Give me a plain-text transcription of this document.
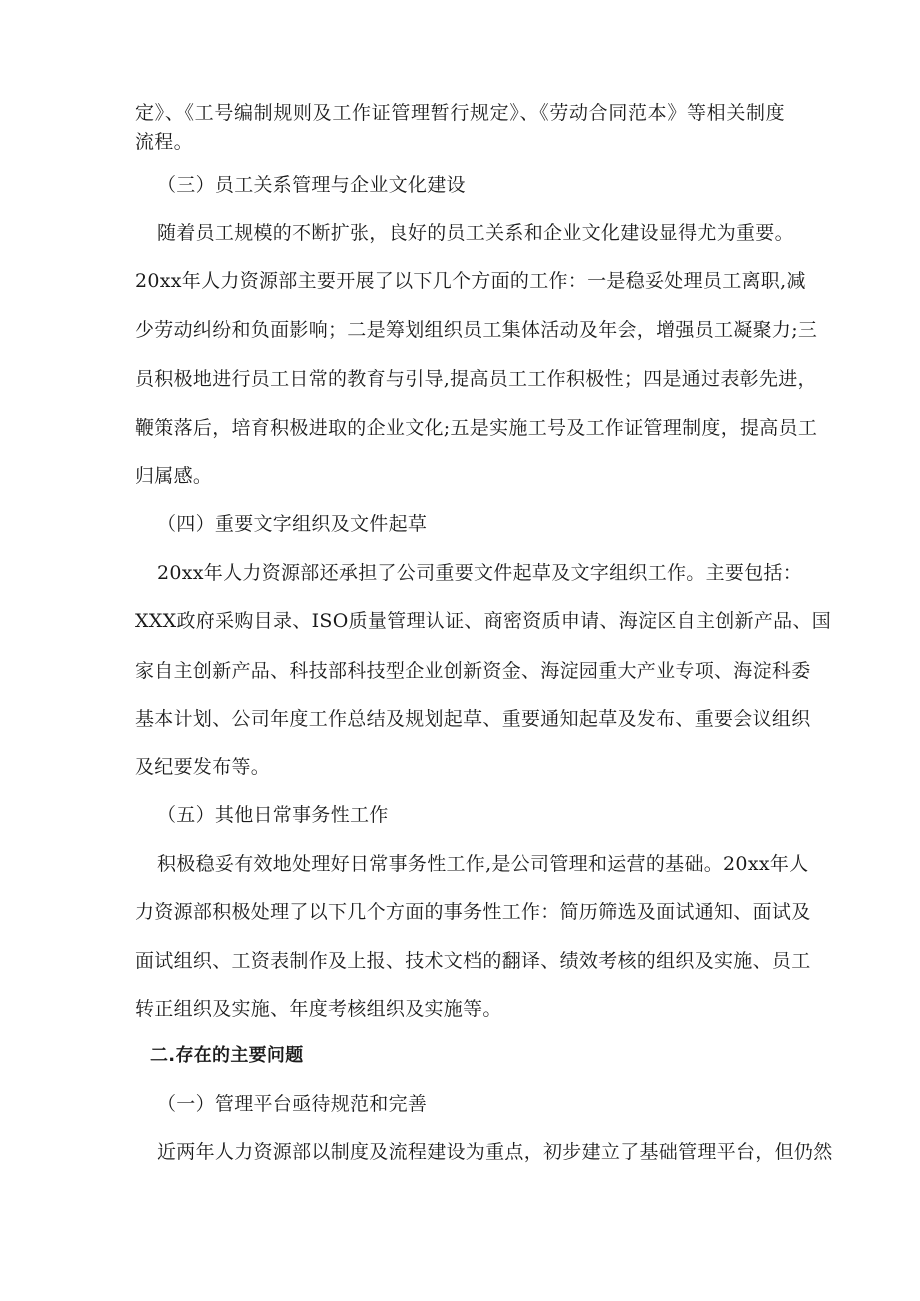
定》、《工号编制规则及工作证管理暂行规定》、《劳动合同范本》等相关制度

流程。

（三）员工关系管理与企业文化建设

随着员工规模的不断扩张，良好的员工关系和企业文化建设显得尤为重要。

20xx年人力资源部主要开展了以下几个方面的工作：一是稳妥处理员工离职,减

少劳动纠纷和负面影响；二是筹划组织员工集体活动及年会，增强员工凝聚力;三

员积极地进行员工日常的教育与引导,提高员工工作积极性；四是通过表彰先进，

鞭策落后，培育积极进取的企业文化;五是实施工号及工作证管理制度，提高员工

归属感。

（四）重要文字组织及文件起草

20xx年人力资源部还承担了公司重要文件起草及文字组织工作。主要包括：

XXX政府采购目录、ISO质量管理认证、商密资质申请、海淀区自主创新产品、国

家自主创新产品、科技部科技型企业创新资金、海淀园重大产业专项、海淀科委

基本计划、公司年度工作总结及规划起草、重要通知起草及发布、重要会议组织

及纪要发布等。

（五）其他日常事务性工作

积极稳妥有效地处理好日常事务性工作,是公司管理和运营的基础。20xx年人

力资源部积极处理了以下几个方面的事务性工作：简历筛选及面试通知、面试及

面试组织、工资表制作及上报、技术文档的翻译、绩效考核的组织及实施、员工

转正组织及实施、年度考核组织及实施等。

二.存在的主要问题

（一）管理平台亟待规范和完善

近两年人力资源部以制度及流程建设为重点，初步建立了基础管理平台，但仍然
